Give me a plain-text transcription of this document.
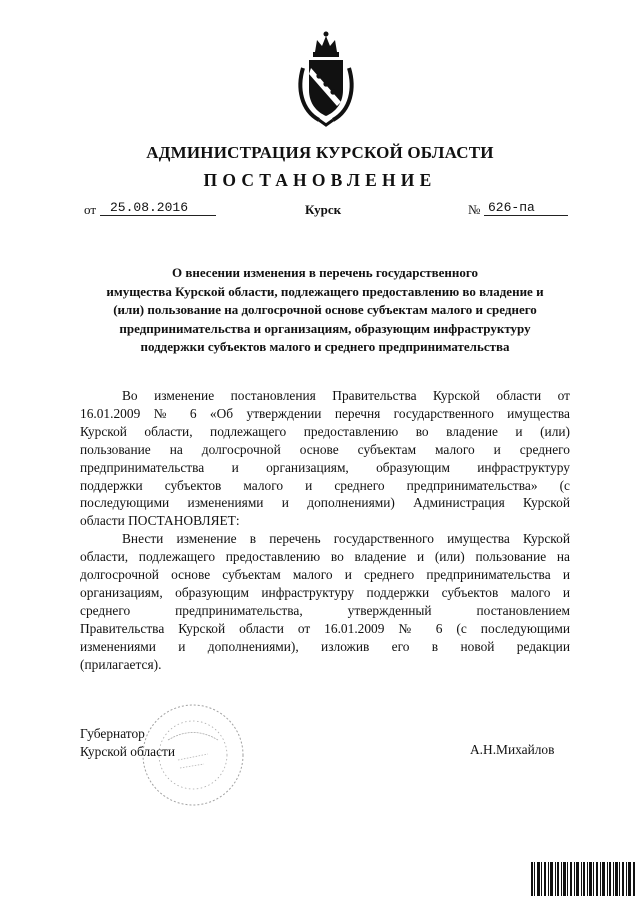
АДМИНИСТРАЦИЯ КУРСКОЙ ОБЛАСТИ
ПОСТАНОВЛЕНИЕ
от	25.08.2016	Курск	№ 626-па
О внесении изменения в перечень государственного
имущества Курской области, подлежащего предоставлению во владение и
(или) пользование на долгосрочной основе субъектам малого и среднего
предпринимательства и организациям, образующим инфраструктуру
поддержки субъектов малого и среднего предпринимательства
Во изменение постановления Правительства Курской области от
16.01.2009 № 6 «Об утверждении перечня государственного имущества
Курской области, подлежащего предоставлению во владение и (или)
пользование на долгосрочной основе субъектам малого и среднего
предпринимательства и организациям, образующим инфраструктуру
поддержки субъектов малого и среднего предпринимательства» (с
последующими изменениями и дополнениями) Администрация Курской
области ПОСТАНОВЛЯЕТ:
Внести изменение в перечень государственного имущества Курской
области, подлежащего предоставлению во владение и (или) пользование на
долгосрочной основе субъектам малого и среднего предпринимательства и
организациям, образующим инфраструктуру поддержки субъектов малого и
среднего предпринимательства, утвержденный постановлением
Правительства Курской области от 16.01.2009 № 6 (с последующими
изменениями и дополнениями), изложив его в новой редакции
(прилагается).
Губернатор
Курской области	А.Н.Михайлов
